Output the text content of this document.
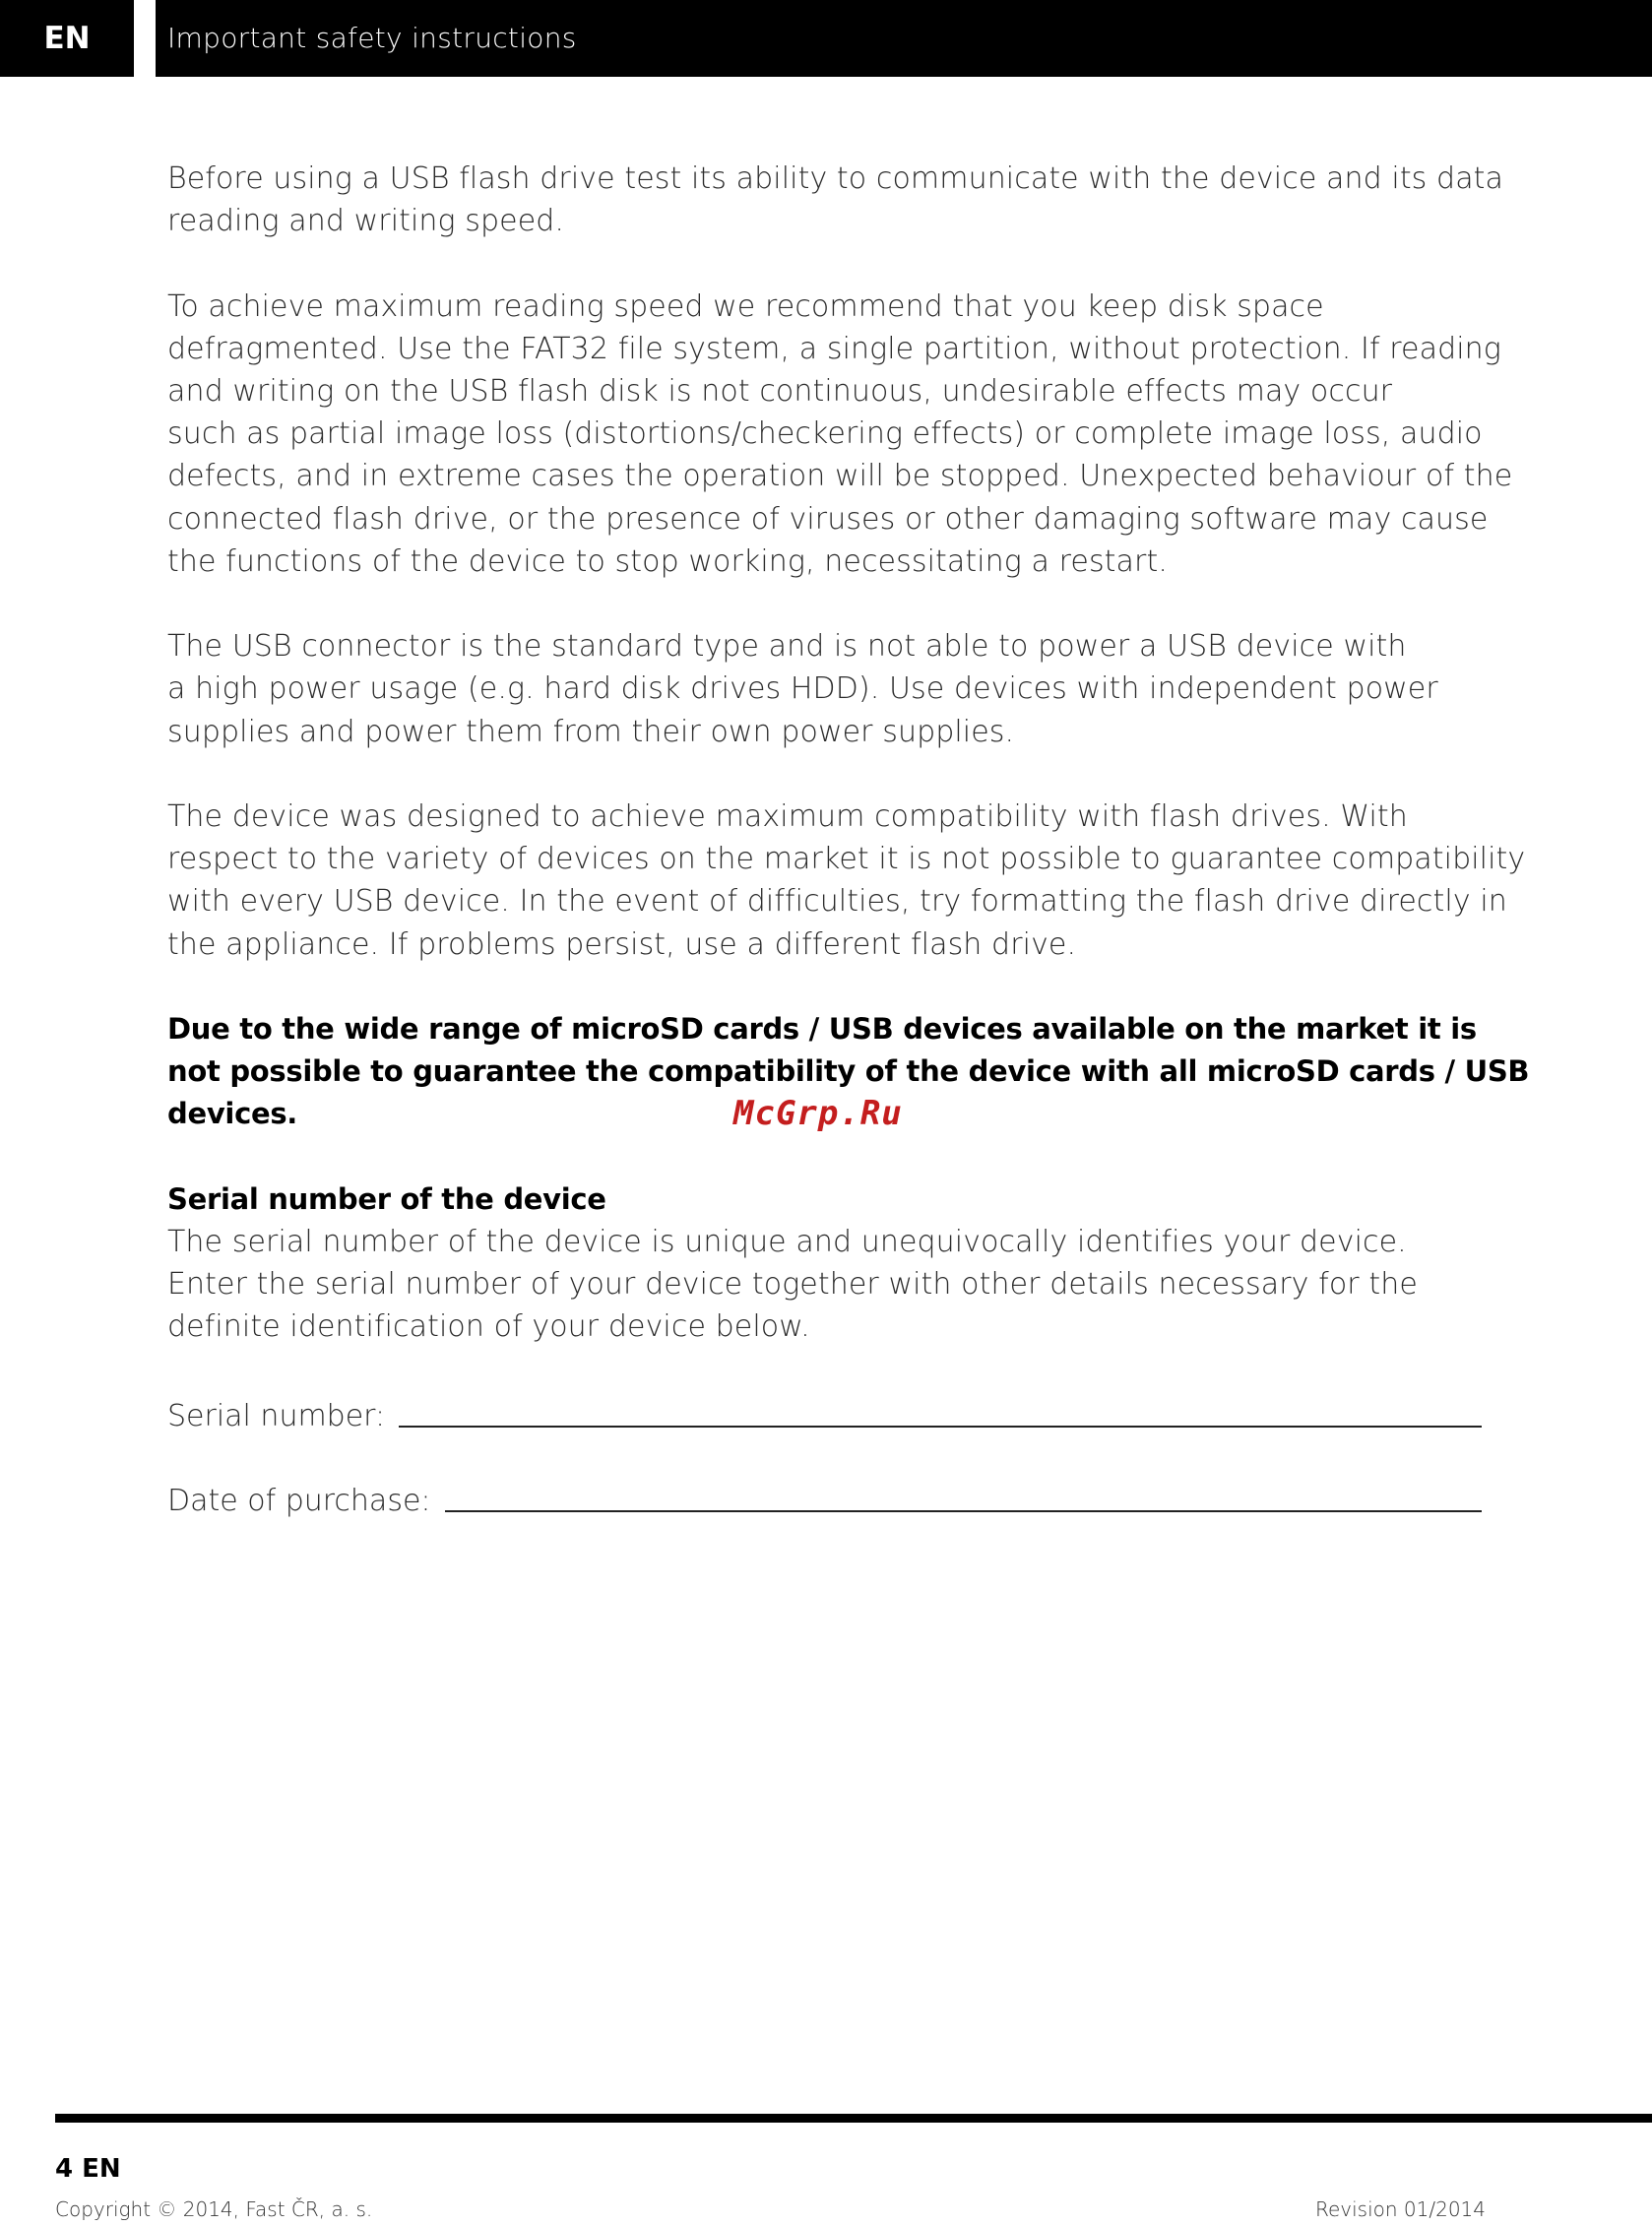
EN	Important safety instructions

Before using a USB flash drive test its ability to communicate with the device and its data
reading and writing speed.

To achieve maximum reading speed we recommend that you keep disk space
defragmented. Use the FAT32 file system, a single partition, without protection. If reading
and writing on the USB flash disk is not continuous, undesirable effects may occur
such as partial image loss (distortions/checkering effects) or complete image loss, audio
defects, and in extreme cases the operation will be stopped. Unexpected behaviour of the
connected flash drive, or the presence of viruses or other damaging software may cause
the functions of the device to stop working, necessitating a restart.

The USB connector is the standard type and is not able to power a USB device with
a high power usage (e.g. hard disk drives HDD). Use devices with independent power
supplies and power them from their own power supplies.

The device was designed to achieve maximum compatibility with flash drives. With
respect to the variety of devices on the market it is not possible to guarantee compatibility
with every USB device. In the event of difficulties, try formatting the flash drive directly in
the appliance. If problems persist, use a different flash drive.

Due to the wide range of microSD cards / USB devices available on the market it is
not possible to guarantee the compatibility of the device with all microSD cards / USB
devices.	McGrp.Ru

Serial number of the device
The serial number of the device is unique and unequivocally identifies your device.
Enter the serial number of your device together with other details necessary for the
definite identification of your device below.
Serial number:
Date of purchase:
4 EN
Copyright © 2014, Fast ČR, a. s.	Revision 01/2014
